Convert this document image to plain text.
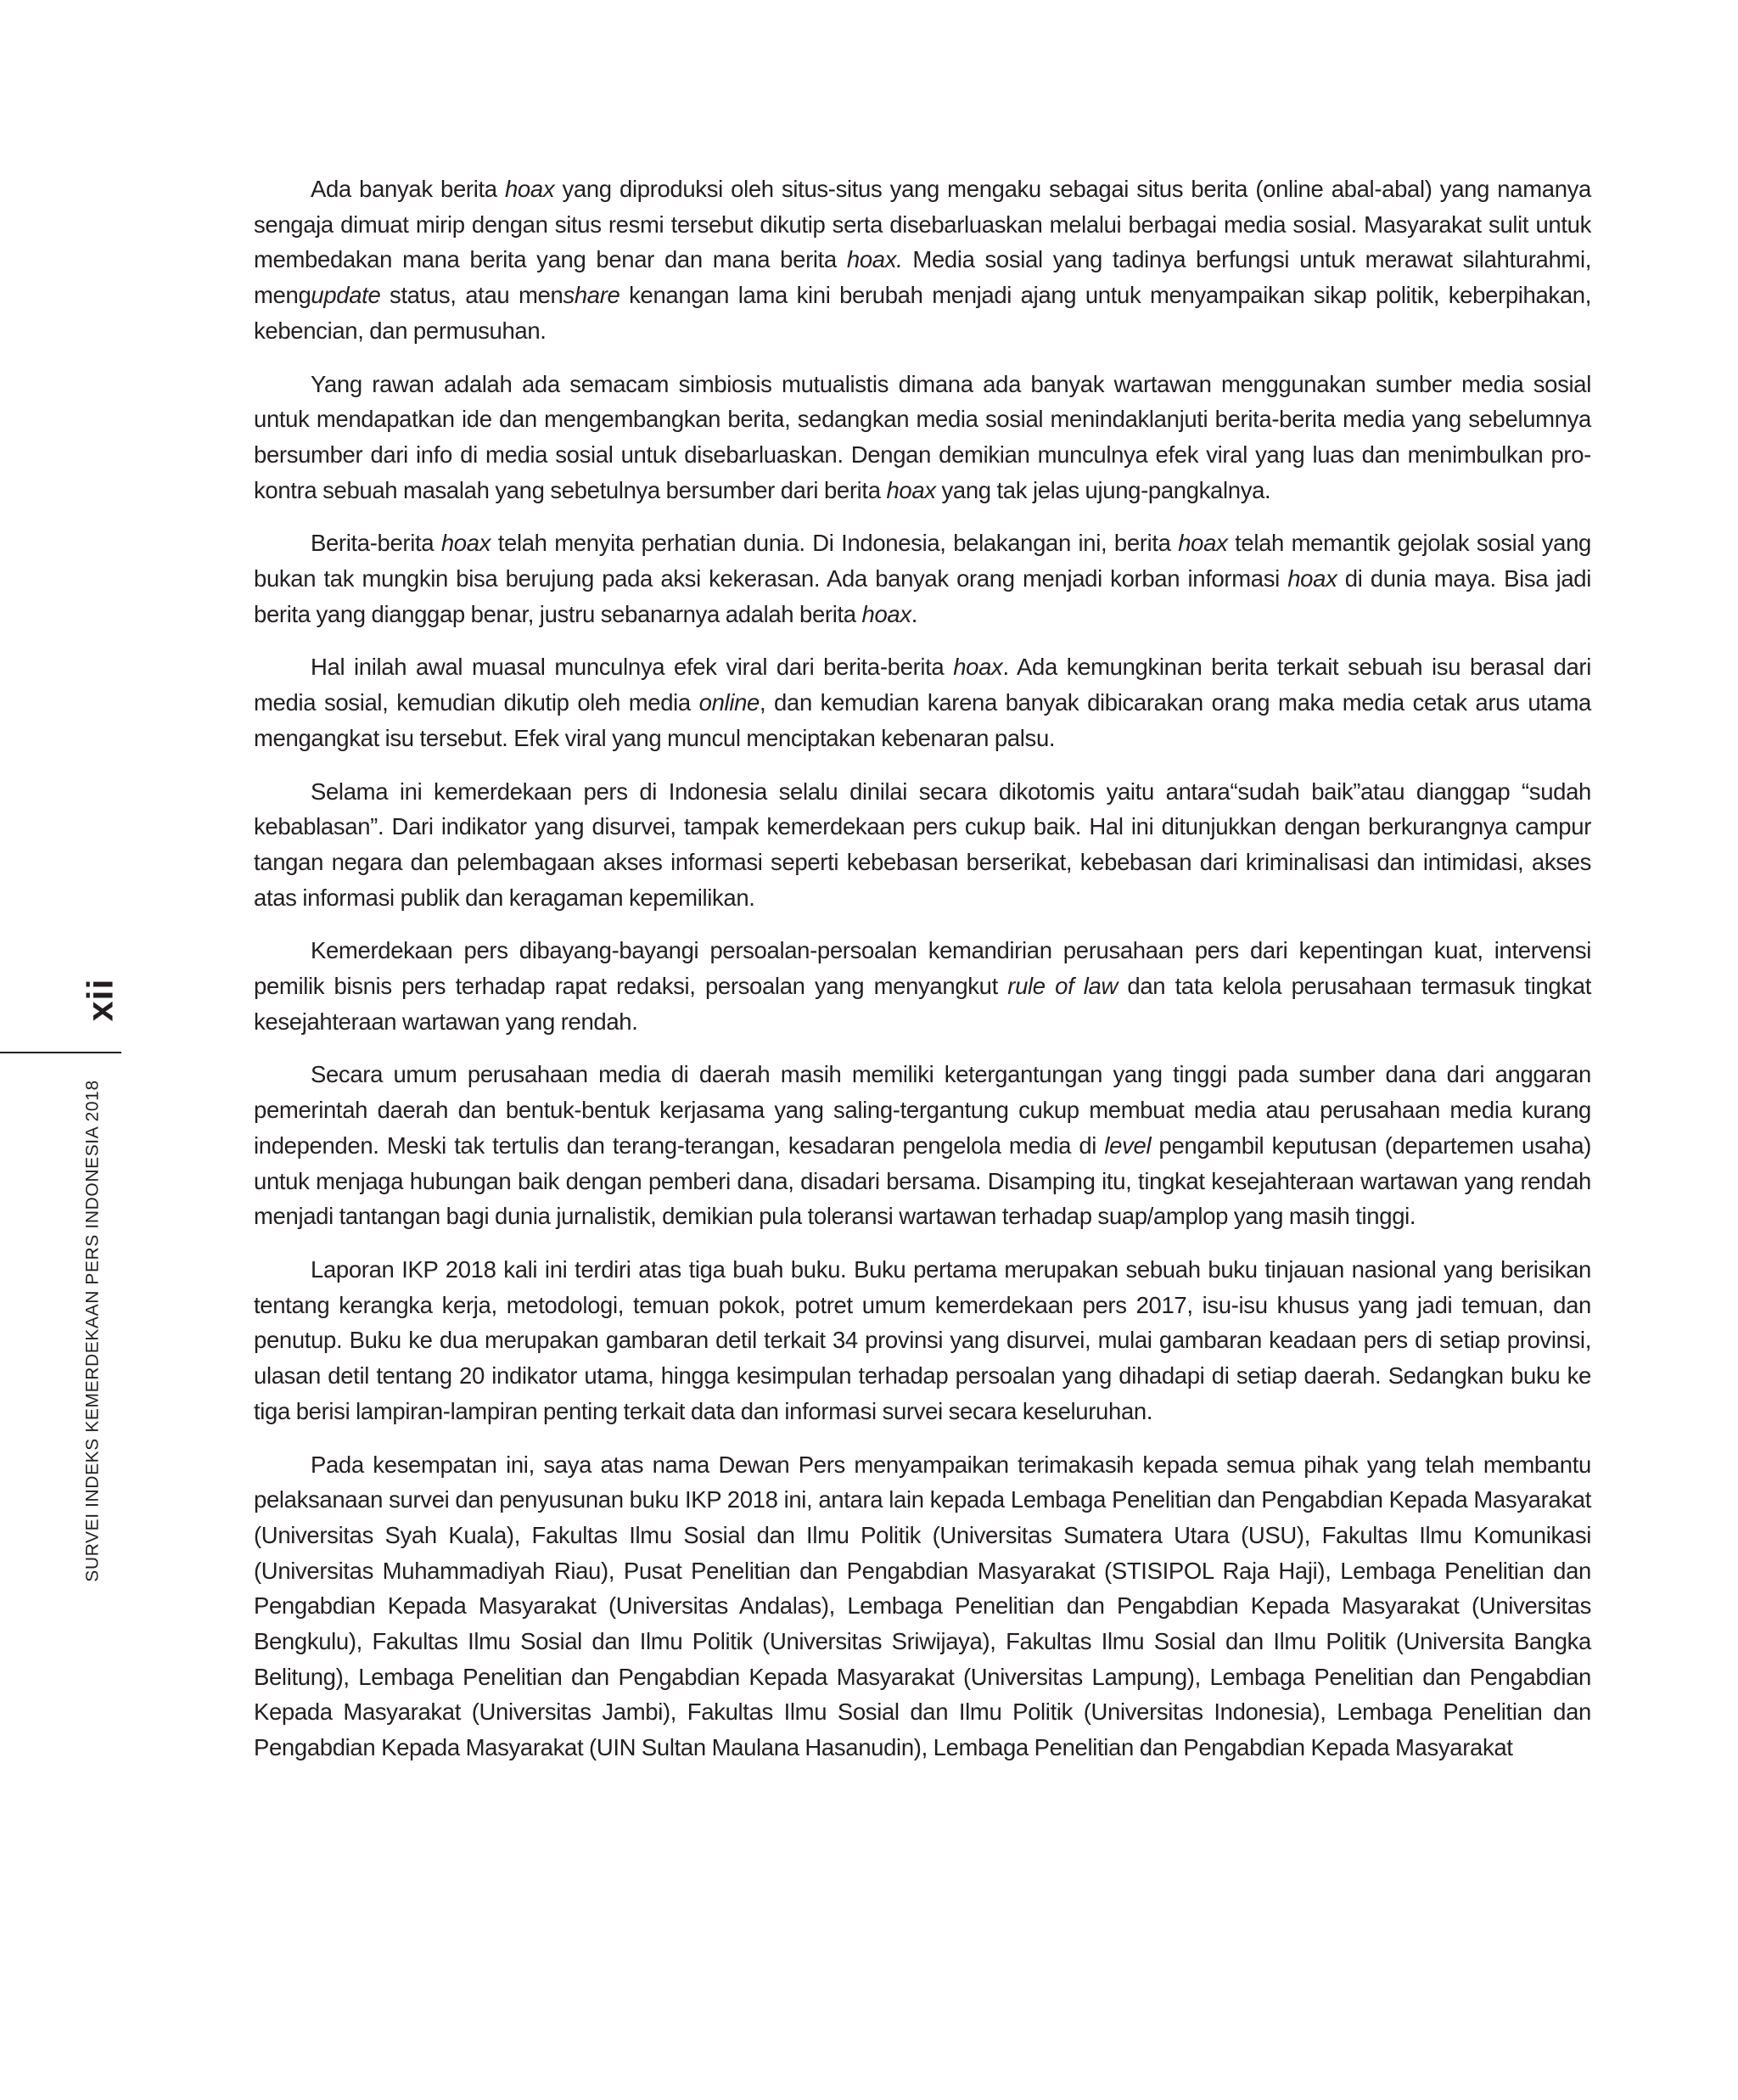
xii
SURVEI INDEKS KEMERDEKAAN PERS INDONESIA 2018

Ada banyak berita hoax yang diproduksi oleh situs-situs yang mengaku sebagai situs berita (online abal-abal) yang namanya sengaja dimuat mirip dengan situs resmi tersebut dikutip serta disebarluaskan melalui berbagai media sosial. Masyarakat sulit untuk membedakan mana berita yang benar dan mana berita hoax. Media sosial yang tadinya berfungsi untuk merawat silahturahmi, mengupdate status, atau menshare kenangan lama kini berubah menjadi ajang untuk menyampaikan sikap politik, keberpihakan, kebencian, dan permusuhan.

Yang rawan adalah ada semacam simbiosis mutualistis dimana ada banyak wartawan menggunakan sumber media sosial untuk mendapatkan ide dan mengembangkan berita, sedangkan media sosial menindaklanjuti berita-berita media yang sebelumnya bersumber dari info di media sosial untuk disebarluaskan. Dengan demikian munculnya efek viral yang luas dan menimbulkan pro-kontra sebuah masalah yang sebetulnya bersumber dari berita hoax yang tak jelas ujung-pangkalnya.

Berita-berita hoax telah menyita perhatian dunia. Di Indonesia, belakangan ini, berita hoax telah memantik gejolak sosial yang bukan tak mungkin bisa berujung pada aksi kekerasan. Ada banyak orang menjadi korban informasi hoax di dunia maya. Bisa jadi berita yang dianggap benar, justru sebanarnya adalah berita hoax.

Hal inilah awal muasal munculnya efek viral dari berita-berita hoax. Ada kemungkinan berita terkait sebuah isu berasal dari media sosial, kemudian dikutip oleh media online, dan kemudian karena banyak dibicarakan orang maka media cetak arus utama mengangkat isu tersebut. Efek viral yang muncul menciptakan kebenaran palsu.

Selama ini kemerdekaan pers di Indonesia selalu dinilai secara dikotomis yaitu antara“sudah baik”atau dianggap “sudah kebablasan”. Dari indikator yang disurvei, tampak kemerdekaan pers cukup baik. Hal ini ditunjukkan dengan berkurangnya campur tangan negara dan pelembagaan akses informasi seperti kebebasan berserikat, kebebasan dari kriminalisasi dan intimidasi, akses atas informasi publik dan keragaman kepemilikan.

Kemerdekaan pers dibayang-bayangi persoalan-persoalan kemandirian perusahaan pers dari kepentingan kuat, intervensi pemilik bisnis pers terhadap rapat redaksi, persoalan yang menyangkut rule of law dan tata kelola perusahaan termasuk tingkat kesejahteraan wartawan yang rendah.

Secara umum perusahaan media di daerah masih memiliki ketergantungan yang tinggi pada sumber dana dari anggaran pemerintah daerah dan bentuk-bentuk kerjasama yang saling-tergantung cukup membuat media atau perusahaan media kurang independen. Meski tak tertulis dan terang-terangan, kesadaran pengelola media di level pengambil keputusan (departemen usaha) untuk menjaga hubungan baik dengan pemberi dana, disadari bersama. Disamping itu, tingkat kesejahteraan wartawan yang rendah menjadi tantangan bagi dunia jurnalistik, demikian pula toleransi wartawan terhadap suap/amplop yang masih tinggi.

Laporan IKP 2018 kali ini terdiri atas tiga buah buku. Buku pertama merupakan sebuah buku tinjauan nasional yang berisikan tentang kerangka kerja, metodologi, temuan pokok, potret umum kemerdekaan pers 2017, isu-isu khusus yang jadi temuan, dan penutup. Buku ke dua merupakan gambaran detil terkait 34 provinsi yang disurvei, mulai gambaran keadaan pers di setiap provinsi, ulasan detil tentang 20 indikator utama, hingga kesimpulan terhadap persoalan yang dihadapi di setiap daerah. Sedangkan buku ke tiga berisi lampiran-lampiran penting terkait data dan informasi survei secara keseluruhan.

Pada kesempatan ini, saya atas nama Dewan Pers menyampaikan terimakasih kepada semua pihak yang telah membantu pelaksanaan survei dan penyusunan buku IKP 2018 ini, antara lain kepada Lembaga Penelitian dan Pengabdian Kepada Masyarakat (Universitas Syah Kuala), Fakultas Ilmu Sosial dan Ilmu Politik (Universitas Sumatera Utara (USU), Fakultas Ilmu Komunikasi (Universitas Muhammadiyah Riau), Pusat Penelitian dan Pengabdian Masyarakat (STISIPOL Raja Haji), Lembaga Penelitian dan Pengabdian Kepada Masyarakat (Universitas Andalas), Lembaga Penelitian dan Pengabdian Kepada Masyarakat (Universitas Bengkulu), Fakultas Ilmu Sosial dan Ilmu Politik (Universitas Sriwijaya), Fakultas Ilmu Sosial dan Ilmu Politik (Universita Bangka Belitung), Lembaga Penelitian dan Pengabdian Kepada Masyarakat (Universitas Lampung), Lembaga Penelitian dan Pengabdian Kepada Masyarakat (Universitas Jambi), Fakultas Ilmu Sosial dan Ilmu Politik (Universitas Indonesia), Lembaga Penelitian dan Pengabdian Kepada Masyarakat (UIN Sultan Maulana Hasanudin), Lembaga Penelitian dan Pengabdian Kepada Masyarakat
